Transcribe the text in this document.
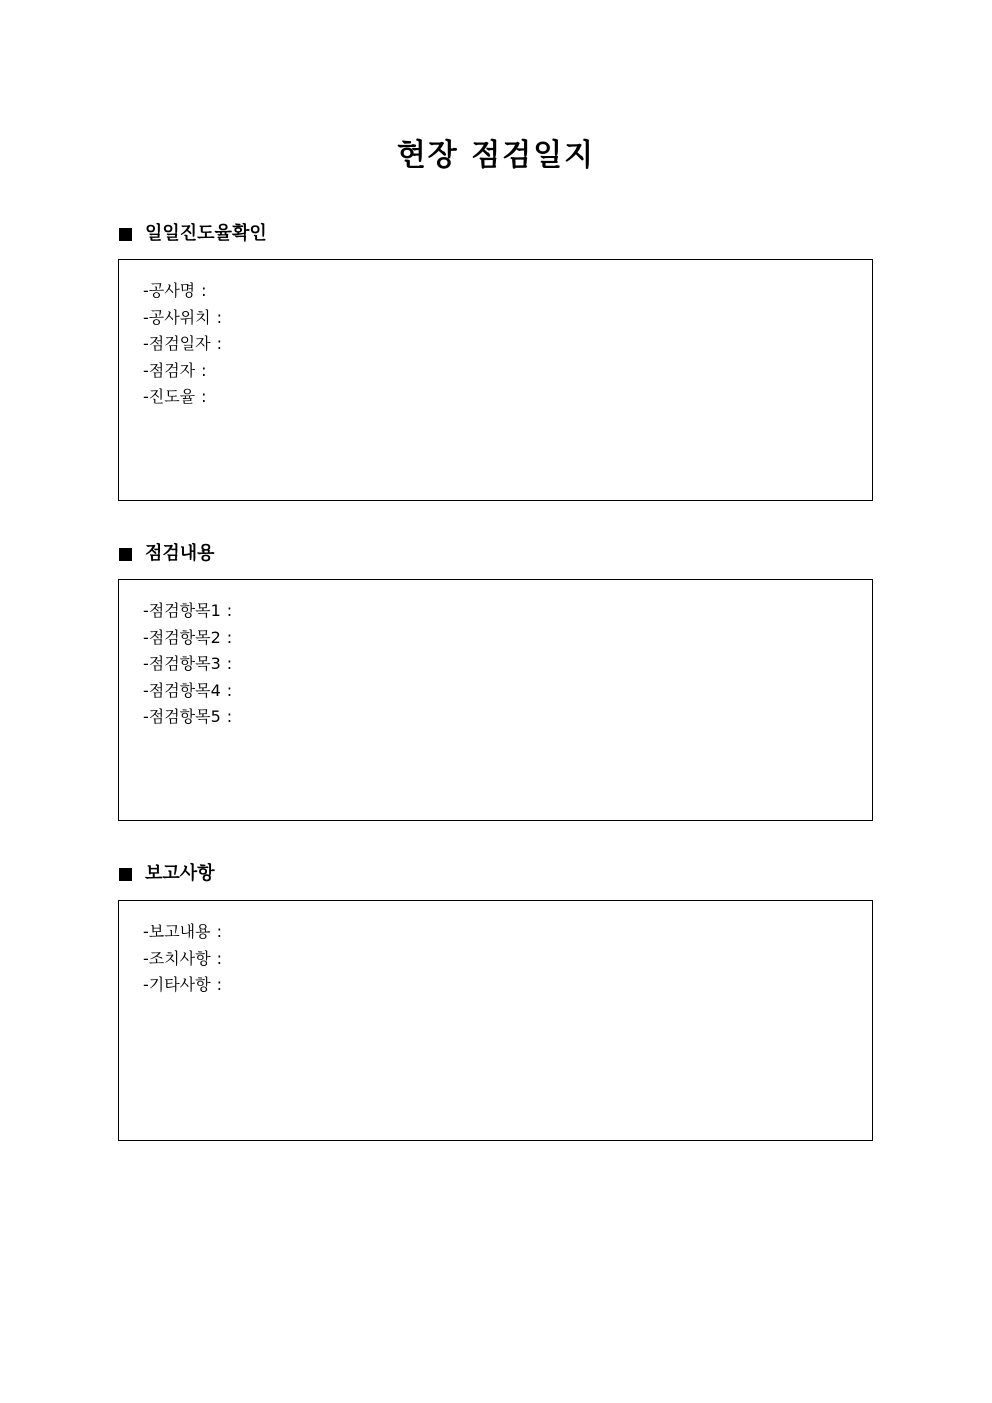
현장 점검일지
일일진도율확인
-공사명 :
-공사위치 :
-점검일자 :
-점검자 :
-진도율 :
점검내용
-점검항목1 :
-점검항목2 :
-점검항목3 :
-점검항목4 :
-점검항목5 :
보고사항
-보고내용 :
-조치사항 :
-기타사항 :
